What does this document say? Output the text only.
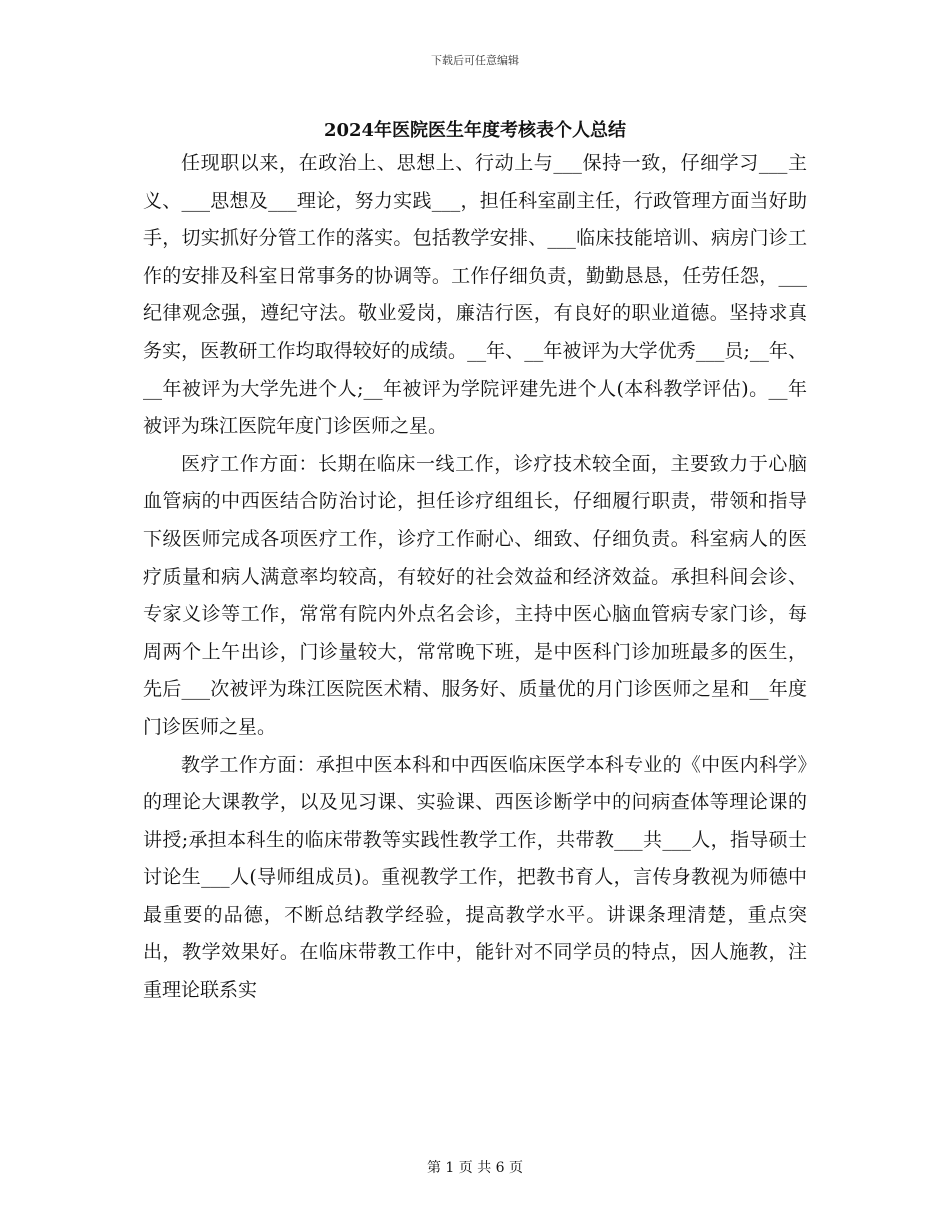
下载后可任意编辑
2024年医院医生年度考核表个人总结

任现职以来，在政治上、思想上、行动上与___保持一致，仔细学习___主义、___思想及___理论，努力实践___，担任科室副主任，行政管理方面当好助手，切实抓好分管工作的落实。包括教学安排、___临床技能培训、病房门诊工作的安排及科室日常事务的协调等。工作仔细负责，勤勤恳恳，任劳任怨，___纪律观念强，遵纪守法。敬业爱岗，廉洁行医，有良好的职业道德。坚持求真务实，医教研工作均取得较好的成绩。__年、__年被评为大学优秀___员;__年、__年被评为大学先进个人;__年被评为学院评建先进个人(本科教学评估)。__年被评为珠江医院年度门诊医师之星。

医疗工作方面：长期在临床一线工作，诊疗技术较全面，主要致力于心脑血管病的中西医结合防治讨论，担任诊疗组组长，仔细履行职责，带领和指导下级医师完成各项医疗工作，诊疗工作耐心、细致、仔细负责。科室病人的医疗质量和病人满意率均较高，有较好的社会效益和经济效益。承担科间会诊、专家义诊等工作，常常有院内外点名会诊，主持中医心脑血管病专家门诊，每周两个上午出诊，门诊量较大，常常晚下班，是中医科门诊加班最多的医生，先后___次被评为珠江医院医术精、服务好、质量优的月门诊医师之星和__年度门诊医师之星。

教学工作方面：承担中医本科和中西医临床医学本科专业的《中医内科学》的理论大课教学，以及见习课、实验课、西医诊断学中的问病查体等理论课的讲授;承担本科生的临床带教等实践性教学工作，共带教___共___人，指导硕士讨论生___人(导师组成员)。重视教学工作，把教书育人，言传身教视为师德中最重要的品德，不断总结教学经验，提高教学水平。讲课条理清楚，重点突出，教学效果好。在临床带教工作中，能针对不同学员的特点，因人施教，注重理论联系实

第 1 页 共 6 页
